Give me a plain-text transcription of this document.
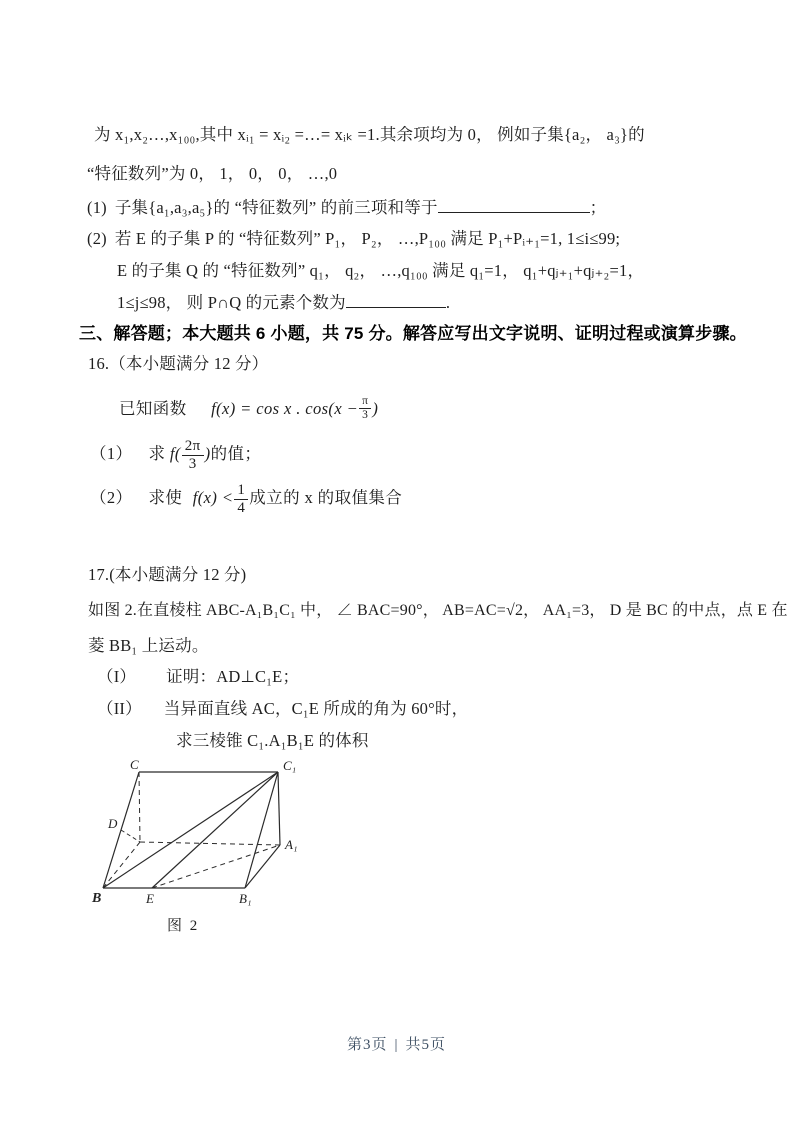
为 x₁,x₂…,x₁₀₀,其中 xᵢ₁ = xᵢ₂ =…= xᵢₖ =1.其余项均为 0， 例如子集{a₂， a₃}的
“特征数列”为 0， 1， 0， 0， …,0
(1) 子集{a₁,a₃,a₅}的 “特征数列” 的前三项和等于	；
(2) 若 E 的子集 P 的 “特征数列” P₁， P₂， …,P₁₀₀ 满足 P₁+Pᵢ₊₁=1, 1≤i≤99;
E 的子集 Q 的 “特征数列” q₁， q₂， …,q₁₀₀ 满足 q₁=1， q₁+qⱼ₊₁+qⱼ₊₂=1，
1≤j≤98， 则 P∩Q 的元素个数为	.
三、解答题；本大题共 6 小题，共 75 分。解答应写出文字说明、证明过程或演算步骤。
16.（本小题满分 12 分）
已知函数 f(x) = cos x . $\cos(x - \frac{\pi}{3}$ )
（1） 求 $f( \frac{2\pi}{3}$ )的值；
（2） 求使 $f(x) < \frac{1}{4}$ 成立的 x 的取值集合
17.(本小题满分 12 分)
如图 2.在直棱柱 ABC-A₁B₁C₁ 中， ∠ BAC=90°， AB=AC=√2， AA₁=3， D 是 BC 的中点，点 E 在
菱 BB₁ 上运动。
（I） 证明：AD⊥C₁E；
（II） 当异面直线 AC，C₁E 所成的角为 60°时，
求三棱锥 C₁.A₁B₁E 的体积
C	C₁
D
A₁
B	E	B₁
图 2
第3页 | 共5页
